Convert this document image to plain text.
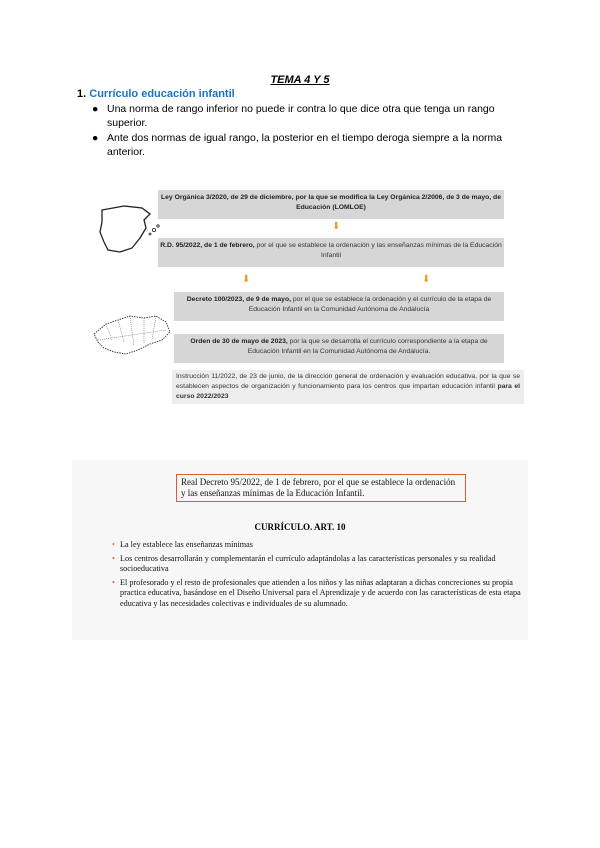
TEMA 4 Y 5
1. Currículo educación infantil
● Una norma de rango inferior no puede ir contra lo que dice otra que tenga un rango superior.
● Ante dos normas de igual rango, la posterior en el tiempo deroga siempre a la norma anterior.
Ley Orgánica 3/2020, de 29 de diciembre, por la que se modifica la Ley Orgánica 2/2006, de 3 de mayo, de Educación (LOMLOE)
⬇
R.D. 95/2022, de 1 de febrero, por el que se establece la ordenación y las enseñanzas mínimas de la Educación Infantil
⬇	⬇
Decreto 100/2023, de 9 de mayo, por el que se establece la ordenación y el currículo de la etapa de Educación Infantil en la Comunidad Autónoma de Andalucía
Orden de 30 de mayo de 2023, por la que se desarrolla el currículo correspondiente a la etapa de Educación Infantil en la Comunidad Autónoma de Andalucía.
Instrucción 11/2022, de 23 de junio, de la dirección general de ordenación y evaluación educativa, por la que se establecen aspectos de organización y funcionamiento para los centros que impartan educación infantil para el curso 2022/2023
Real Decreto 95/2022, de 1 de febrero, por el que se establece la ordenación y las enseñanzas mínimas de la Educación Infantil.
CURRÍCULO. ART. 10
• La ley establece las enseñanzas mínimas
• Los centros desarrollarán y complementarán el currículo adaptándolas a las características personales y su realidad socioeducativa
• El profesorado y el resto de profesionales que atienden a los niños y las niñas adaptaran a dichas concreciones su propia practica educativa, basándose en el Diseño Universal para el Aprendizaje y de acuerdo con las características de esta etapa educativa y las necesidades colectivas e individuales de su alumnado.
